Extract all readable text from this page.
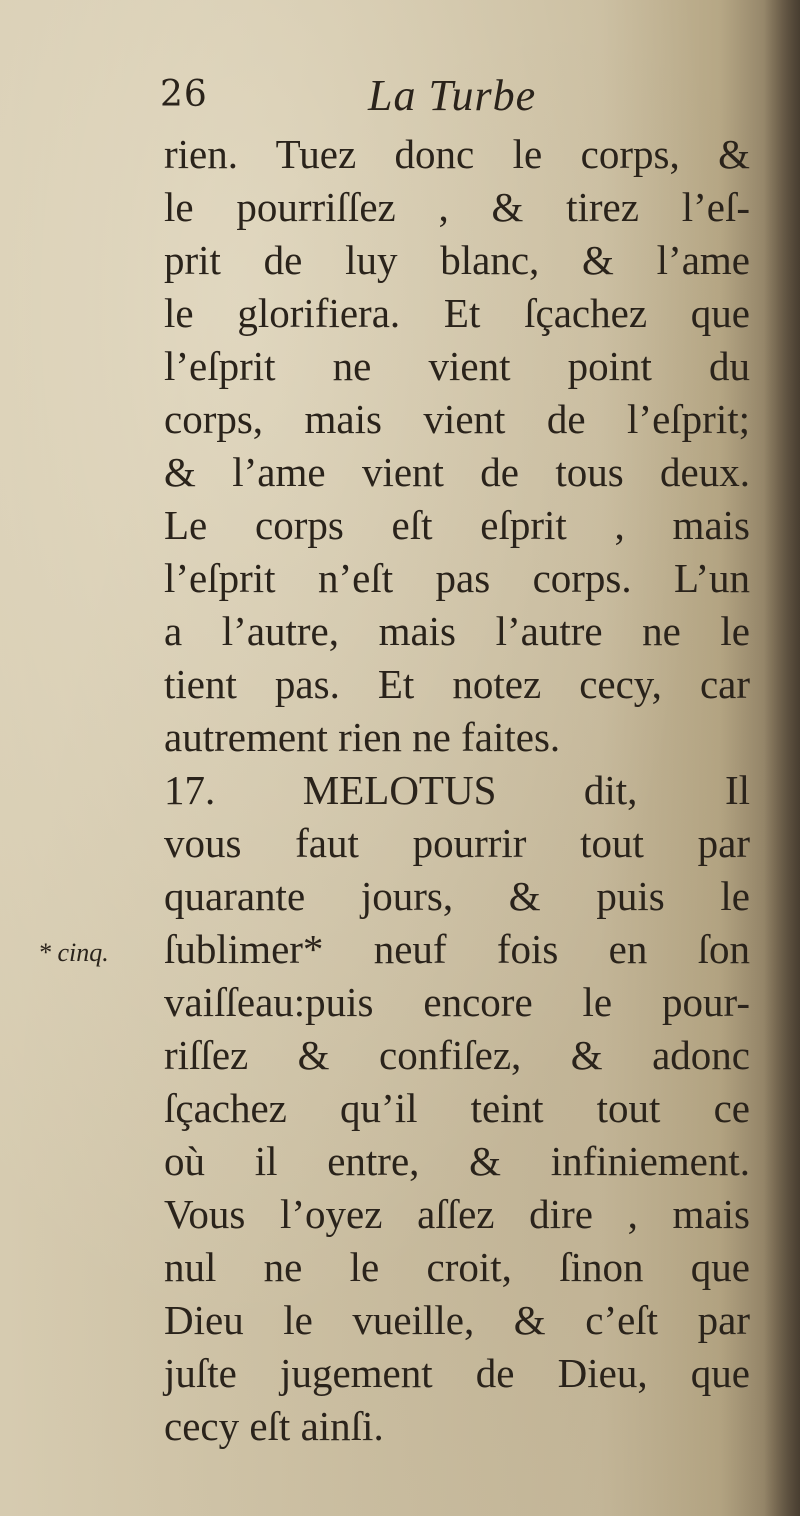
26	La Turbe
* cinq.
rien. Tuez donc le corps, &
le pourriſſez , & tirez l’eſ-
prit de luy blanc, & l’ame
le glorifiera. Et ſçachez que
l’eſprit ne vient point du
corps, mais vient de l’eſprit;
& l’ame vient de tous deux.
Le corps eſt eſprit , mais
l’eſprit n’eſt pas corps. L’un
a l’autre, mais l’autre ne le
tient pas. Et notez cecy, car
autrement rien ne faites.
17. MELOTUS dit, Il
vous faut pourrir tout par
quarante jours, & puis le
ſublimer* neuf fois en ſon
vaiſſeau:puis encore le pour-
riſſez & confiſez, & adonc
ſçachez qu’il teint tout ce
où il entre, & infiniement.
Vous l’oyez aſſez dire , mais
nul ne le croit, ſinon que
Dieu le vueille, & c’eſt par
juſte jugement de Dieu, que
cecy eſt ainſi.
